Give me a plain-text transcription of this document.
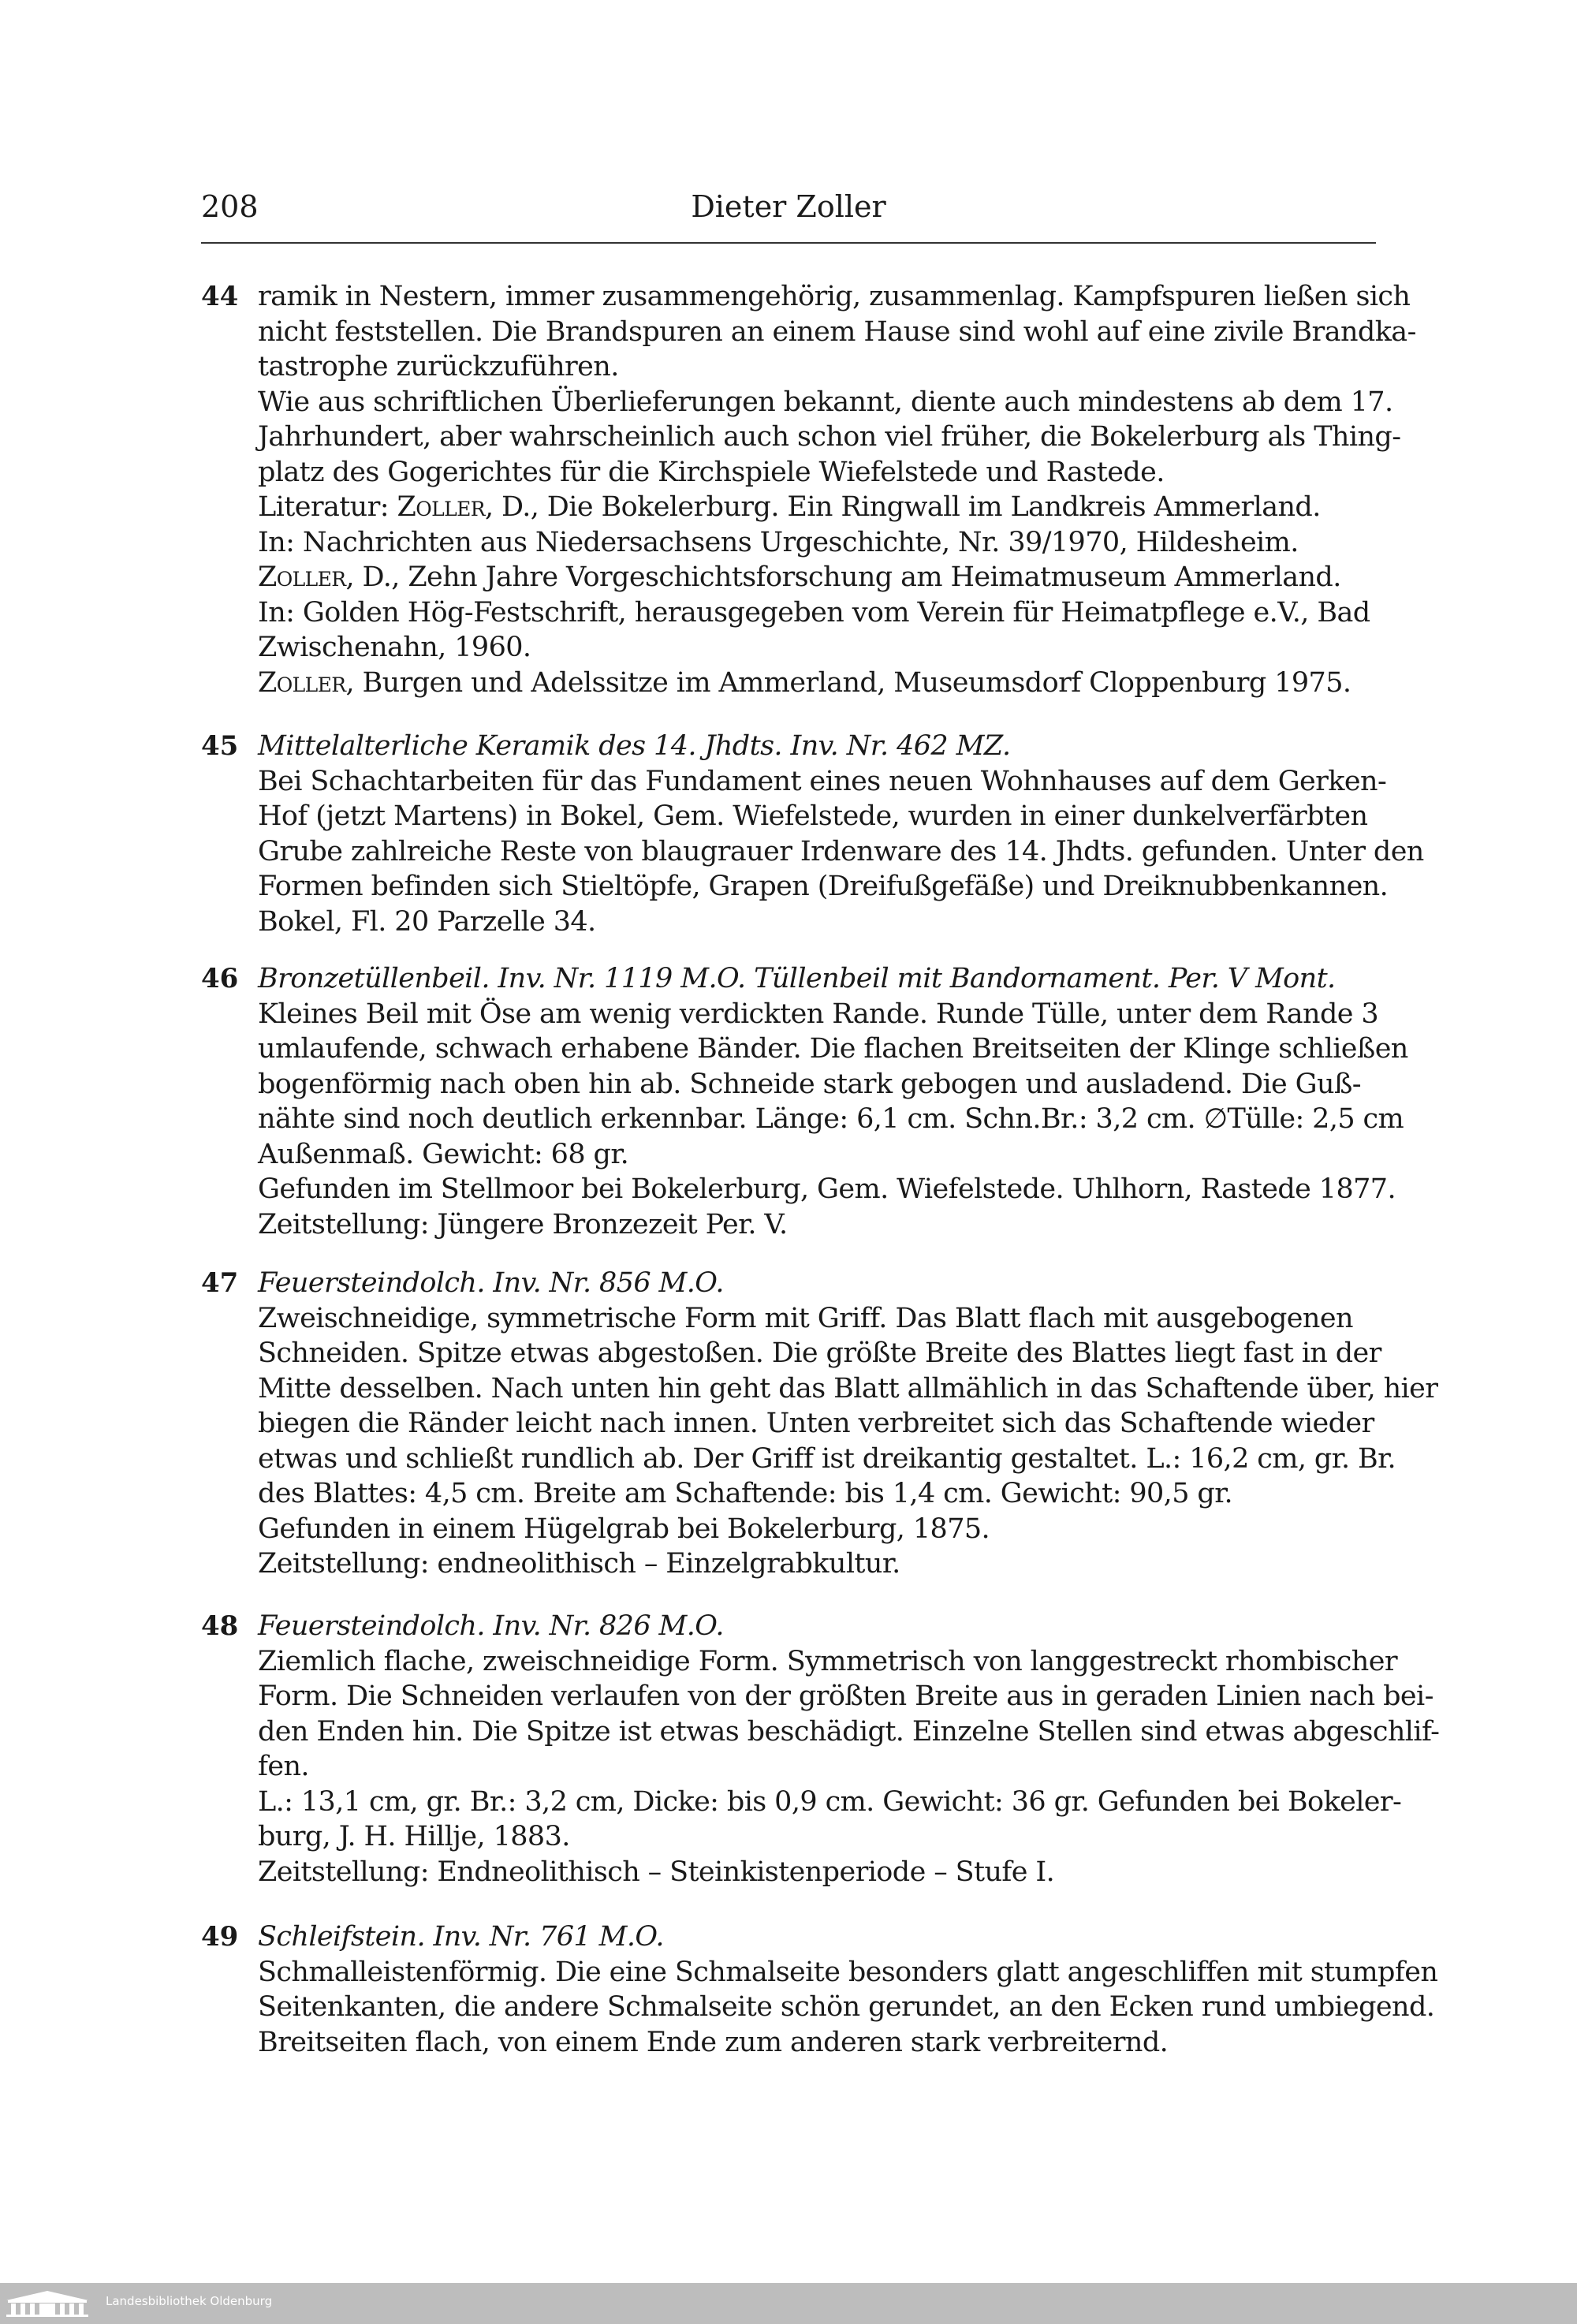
208	Dieter Zoller
44 ramik in Nestern, immer zusammengehörig, zusammenlag. Kampfspuren ließen sich
nicht feststellen. Die Brandspuren an einem Hause sind wohl auf eine zivile Brandka-
tastrophe zurückzuführen.
Wie aus schriftlichen Überlieferungen bekannt, diente auch mindestens ab dem 17.
Jahrhundert, aber wahrscheinlich auch schon viel früher, die Bokelerburg als Thing-
platz des Gogerichtes für die Kirchspiele Wiefelstede und Rastede.
Literatur: Zoller, D., Die Bokelerburg. Ein Ringwall im Landkreis Ammerland.
In: Nachrichten aus Niedersachsens Urgeschichte, Nr. 39/1970, Hildesheim.
Zoller, D., Zehn Jahre Vorgeschichtsforschung am Heimatmuseum Ammerland.
In: Golden Hög-Festschrift, herausgegeben vom Verein für Heimatpflege e.V., Bad
Zwischenahn, 1960.
Zoller, Burgen und Adelssitze im Ammerland, Museumsdorf Cloppenburg 1975.
45 Mittelalterliche Keramik des 14. Jhdts. Inv. Nr. 462 MZ.
Bei Schachtarbeiten für das Fundament eines neuen Wohnhauses auf dem Gerken-
Hof (jetzt Martens) in Bokel, Gem. Wiefelstede, wurden in einer dunkelverfärbten
Grube zahlreiche Reste von blaugrauer Irdenware des 14. Jhdts. gefunden. Unter den
Formen befinden sich Stieltöpfe, Grapen (Dreifußgefäße) und Dreiknubbenkannen.
Bokel, Fl. 20 Parzelle 34.
46 Bronzetüllenbeil. Inv. Nr. 1119 M.O. Tüllenbeil mit Bandornament. Per. V Mont.
Kleines Beil mit Öse am wenig verdickten Rande. Runde Tülle, unter dem Rande 3
umlaufende, schwach erhabene Bänder. Die flachen Breitseiten der Klinge schließen
bogenförmig nach oben hin ab. Schneide stark gebogen und ausladend. Die Guß-
nähte sind noch deutlich erkennbar. Länge: 6,1 cm. Schn.Br.: 3,2 cm. ∅Tülle: 2,5 cm
Außenmaß. Gewicht: 68 gr.
Gefunden im Stellmoor bei Bokelerburg, Gem. Wiefelstede. Uhlhorn, Rastede 1877.
Zeitstellung: Jüngere Bronzezeit Per. V.
47 Feuersteindolch. Inv. Nr. 856 M.O.
Zweischneidige, symmetrische Form mit Griff. Das Blatt flach mit ausgebogenen
Schneiden. Spitze etwas abgestoßen. Die größte Breite des Blattes liegt fast in der
Mitte desselben. Nach unten hin geht das Blatt allmählich in das Schaftende über, hier
biegen die Ränder leicht nach innen. Unten verbreitet sich das Schaftende wieder
etwas und schließt rundlich ab. Der Griff ist dreikantig gestaltet. L.: 16,2 cm, gr. Br.
des Blattes: 4,5 cm. Breite am Schaftende: bis 1,4 cm. Gewicht: 90,5 gr.
Gefunden in einem Hügelgrab bei Bokelerburg, 1875.
Zeitstellung: endneolithisch – Einzelgrabkultur.
48 Feuersteindolch. Inv. Nr. 826 M.O.
Ziemlich flache, zweischneidige Form. Symmetrisch von langgestreckt rhombischer
Form. Die Schneiden verlaufen von der größten Breite aus in geraden Linien nach bei-
den Enden hin. Die Spitze ist etwas beschädigt. Einzelne Stellen sind etwas abgeschlif-
fen.
L.: 13,1 cm, gr. Br.: 3,2 cm, Dicke: bis 0,9 cm. Gewicht: 36 gr. Gefunden bei Bokeler-
burg, J. H. Hillje, 1883.
Zeitstellung: Endneolithisch – Steinkistenperiode – Stufe I.
49 Schleifstein. Inv. Nr. 761 M.O.
Schmalleistenförmig. Die eine Schmalseite besonders glatt angeschliffen mit stumpfen
Seitenkanten, die andere Schmalseite schön gerundet, an den Ecken rund umbiegend.
Breitseiten flach, von einem Ende zum anderen stark verbreiternd.
Landesbibliothek Oldenburg
